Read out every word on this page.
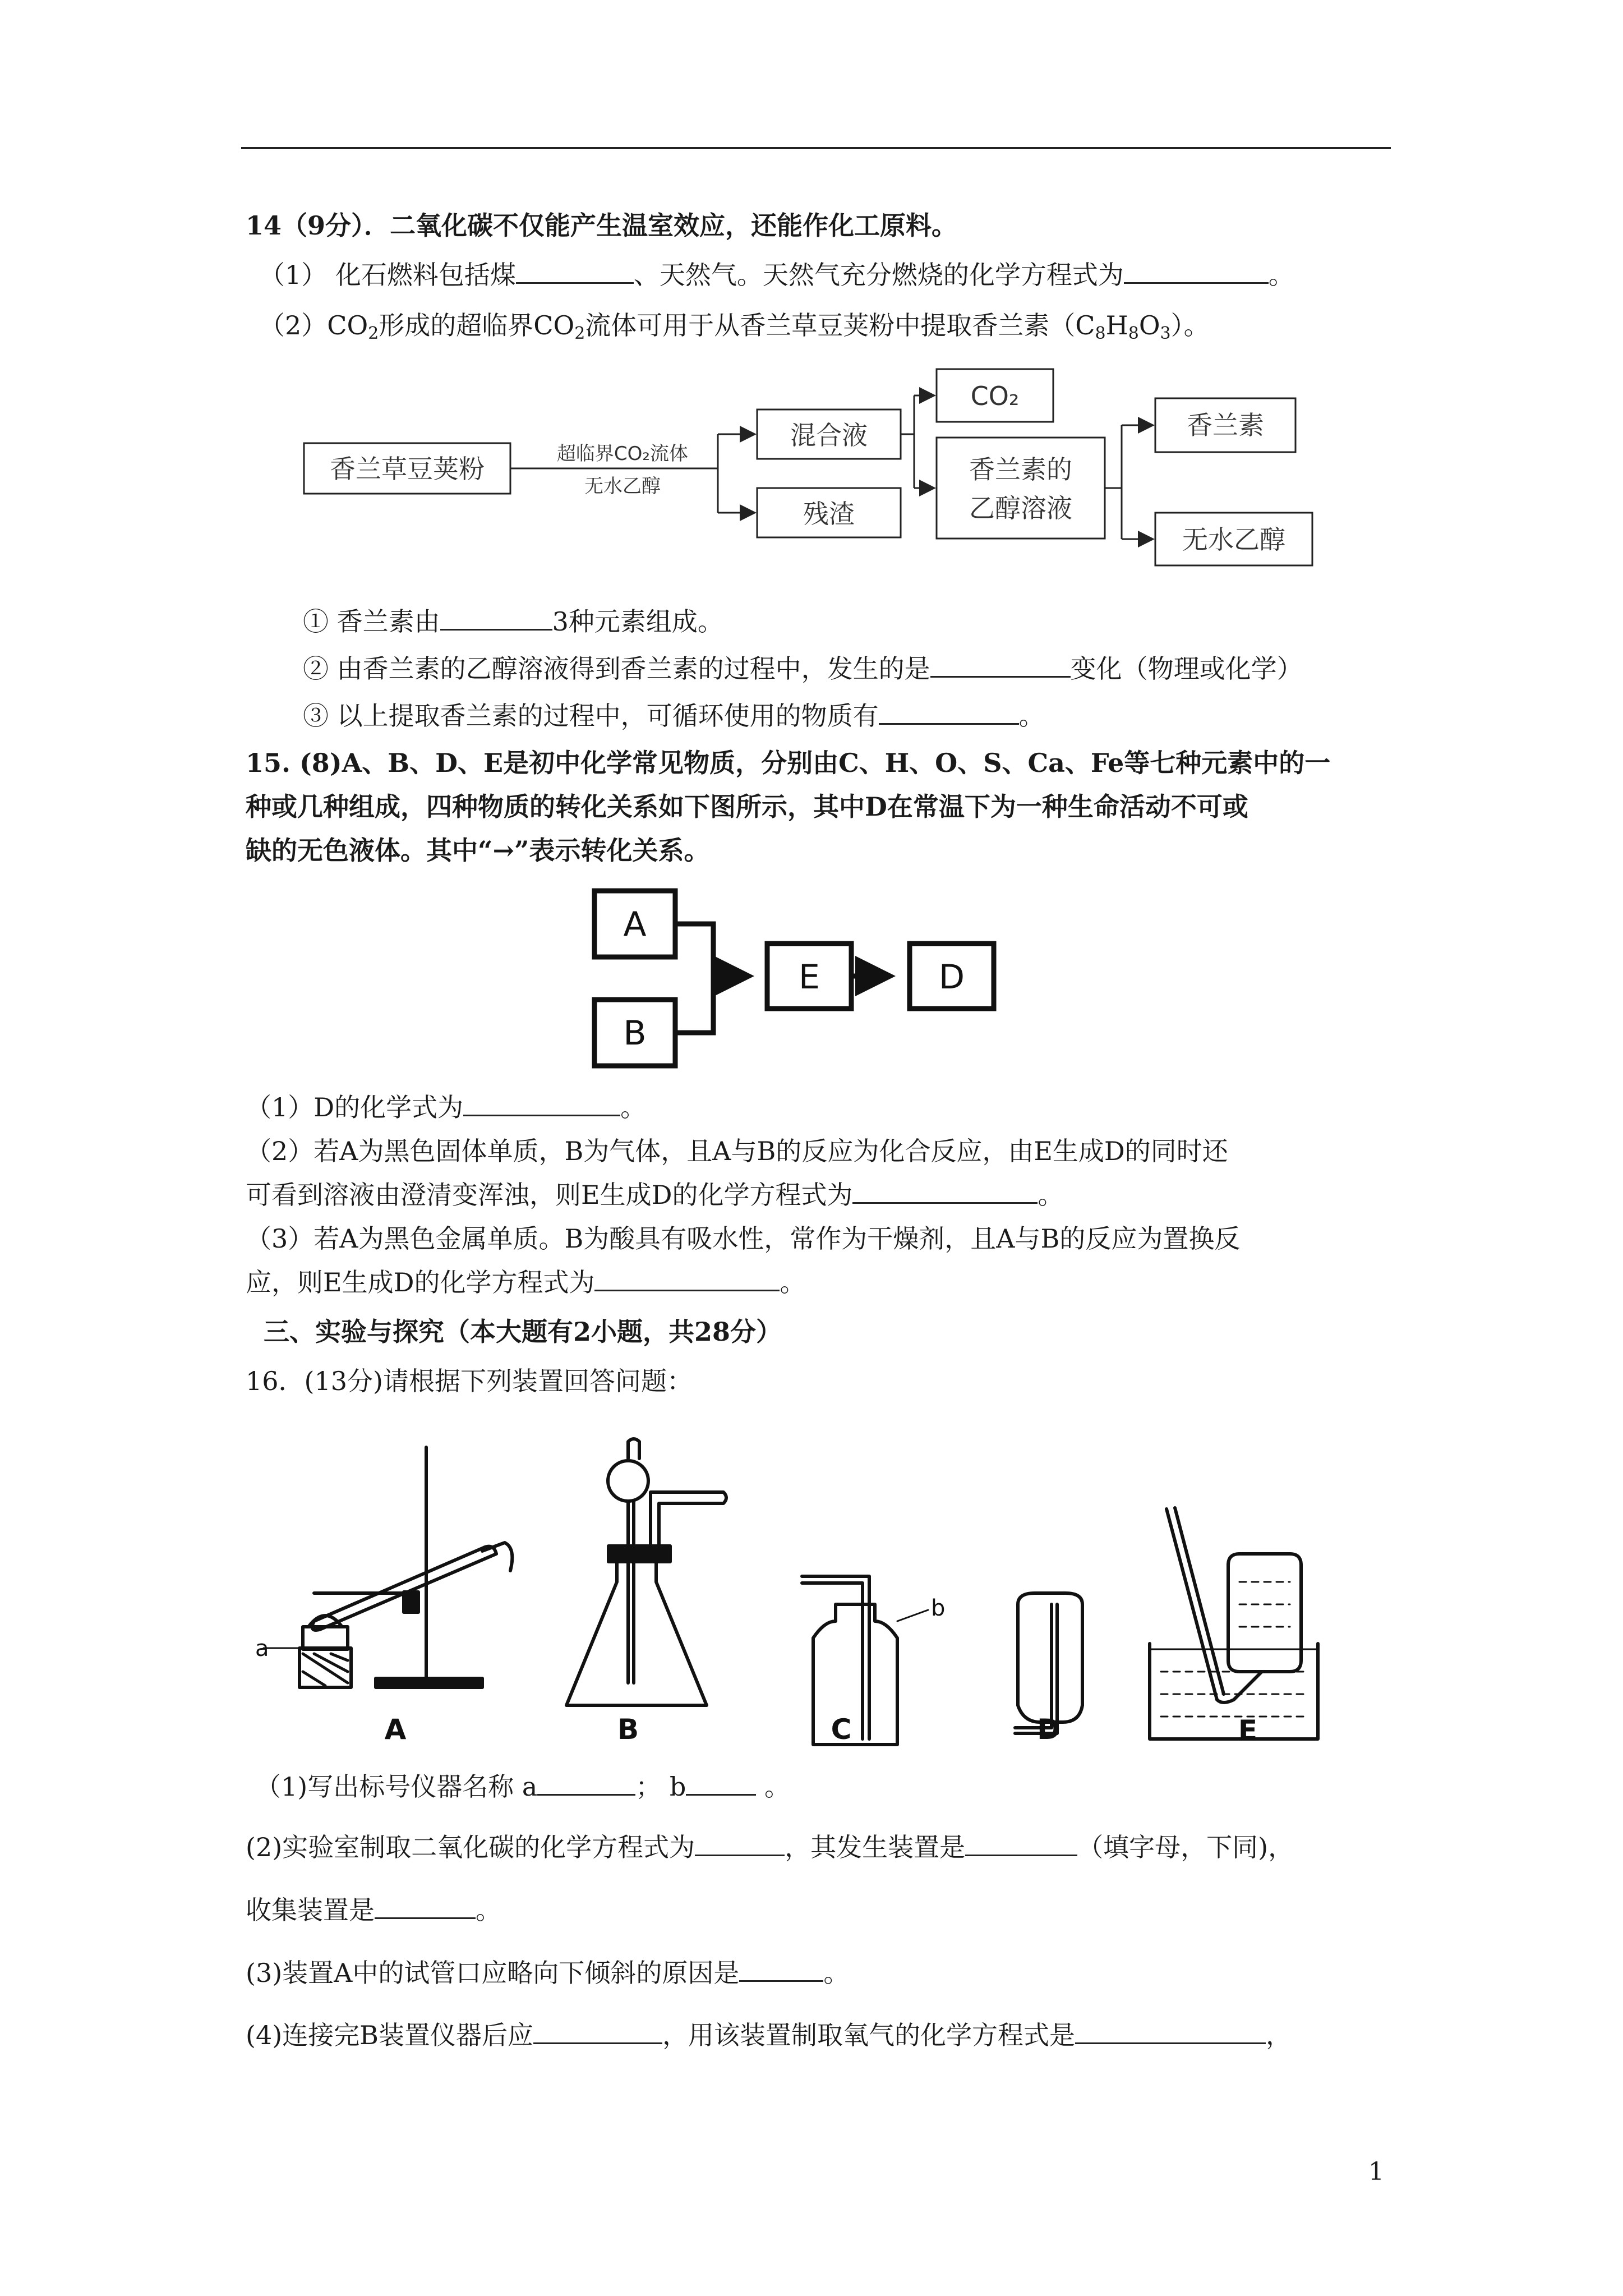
14（9分）．二氧化碳不仅能产生温室效应，还能作化工原料。
（1） 化石燃料包括煤	、天然气。天然气充分燃烧的化学方程式为	。
$(2)CO_2$形成的超临界$CO_2$流体可用于从香兰草豆荚粉中提取香兰素$(C_8H_8O_3)$。
香兰草豆荚粉
混合液
残渣
CO₂
香兰素的
乙醇溶液
香兰素
无水乙醇
超临界CO₂流体
无水乙醇
① 香兰素由	3种元素组成。
② 由香兰素的乙醇溶液得到香兰素的过程中，发生的是	变化（物理或化学）
③ 以上提取香兰素的过程中，可循环使用的物质有	。
15. (8)A、B、D、E是初中化学常见物质，分别由C、H、O、S、Ca、Fe等七种元素中的一
种或几种组成，四种物质的转化关系如下图所示，其中D在常温下为一种生命活动不可或
缺的无色液体。其中“→”表示转化关系。
A
B
E	D
（1）D的化学式为	。
（2）若A为黑色固体单质，B为气体，且A与B的反应为化合反应，由E生成D的同时还
可看到溶液由澄清变浑浊，则E生成D的化学方程式为	。
（3）若A为黑色金属单质。B为酸具有吸水性，常作为干燥剂，且A与B的反应为置换反
应，则E生成D的化学方程式为	。
三、实验与探究（本大题有2小题，共28分）
16．(13分)请根据下列装置回答问题：
a
b
A	B	C	D	E
（1)写出标号仪器名称 a	； b	。
(2)实验室制取二氧化碳的化学方程式为	，其发生装置是	（填字母，下同)，
收集装置是	。
(3)装置A中的试管口应略向下倾斜的原因是	。
(4)连接完B装置仪器后应	，用该装置制取氧气的化学方程式是	，
1
